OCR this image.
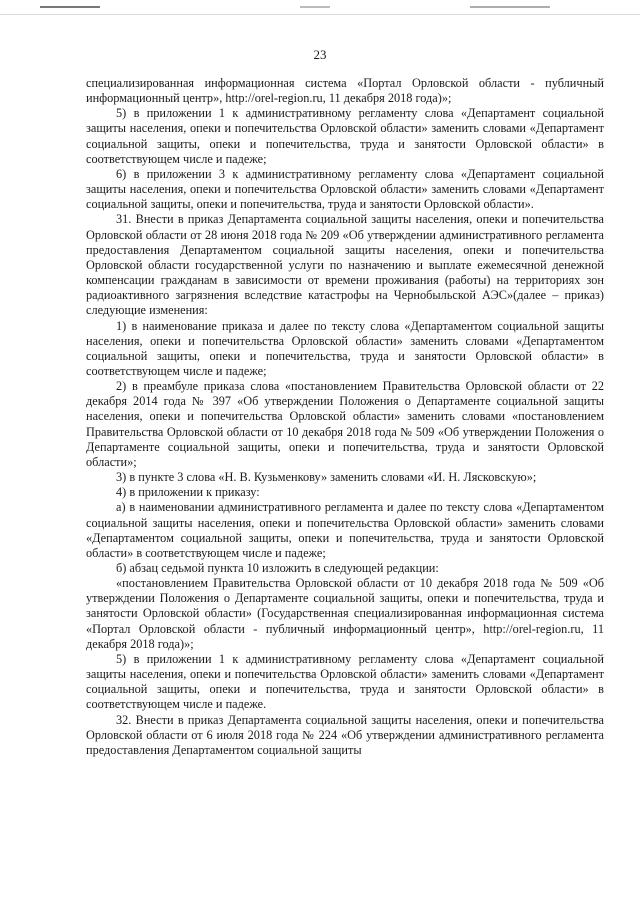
23

специализированная информационная система «Портал Орловской области - публичный информационный центр», http://orel-region.ru, 11 декабря 2018 года)»;

5) в приложении 1 к административному регламенту слова «Департамент социальной защиты населения, опеки и попечительства Орловской области» заменить словами «Департамент социальной защиты, опеки и попечительства, труда и занятости Орловской области» в соответствующем числе и падеже;

6) в приложении 3 к административному регламенту слова «Департамент социальной защиты населения, опеки и попечительства Орловской области» заменить словами «Департамент социальной защиты, опеки и попечительства, труда и занятости Орловской области».

31. Внести в приказ Департамента социальной защиты населения, опеки и попечительства Орловской области от 28 июня 2018 года № 209 «Об утверждении административного регламента предоставления Департаментом социальной защиты населения, опеки и попечительства Орловской области государственной услуги по назначению и выплате ежемесячной денежной компенсации гражданам в зависимости от времени проживания (работы) на территориях зон радиоактивного загрязнения вследствие катастрофы на Чернобыльской АЭС»(далее – приказ) следующие изменения:

1) в наименование приказа и далее по тексту слова «Департаментом социальной защиты населения, опеки и попечительства Орловской области» заменить словами «Департаментом социальной защиты, опеки и попечительства, труда и занятости Орловской области» в соответствующем числе и падеже;

2) в преамбуле приказа слова «постановлением Правительства Орловской области от 22 декабря 2014 года № 397 «Об утверждении Положения о Департаменте социальной защиты населения, опеки и попечительства Орловской области» заменить словами «постановлением Правительства Орловской области от 10 декабря 2018 года № 509 «Об утверждении Положения о Департаменте социальной защиты, опеки и попечительства, труда и занятости Орловской области»;

3) в пункте 3 слова «Н. В. Кузьменкову» заменить словами «И. Н. Лясковскую»;

4) в приложении к приказу:

а) в наименовании административного регламента и далее по тексту слова «Департаментом социальной защиты населения, опеки и попечительства Орловской области» заменить словами «Департаментом социальной защиты, опеки и попечительства, труда и занятости Орловской области» в соответствующем числе и падеже;

б) абзац седьмой пункта 10 изложить в следующей редакции:

«постановлением Правительства Орловской области от 10 декабря 2018 года № 509 «Об утверждении Положения о Департаменте социальной защиты, опеки и попечительства, труда и занятости Орловской области» (Государственная специализированная информационная система «Портал Орловской области - публичный информационный центр», http://orel-region.ru, 11 декабря 2018 года)»;

5) в приложении 1 к административному регламенту слова «Департамент социальной защиты населения, опеки и попечительства Орловской области» заменить словами «Департамент социальной защиты, опеки и попечительства, труда и занятости Орловской области» в соответствующем числе и падеже.

32. Внести в приказ Департамента социальной защиты населения, опеки и попечительства Орловской области от 6 июля 2018 года № 224 «Об утверждении административного регламента предоставления Департаментом социальной защиты
